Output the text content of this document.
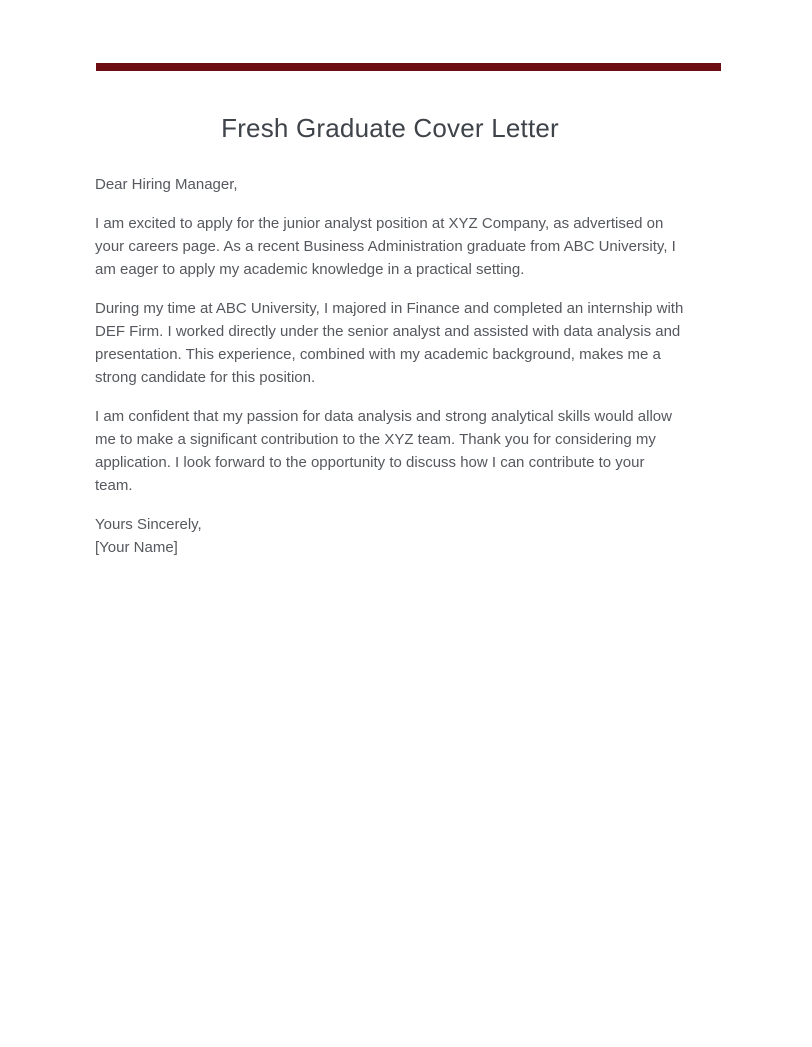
Fresh Graduate Cover Letter

Dear Hiring Manager,

I am excited to apply for the junior analyst position at XYZ Company, as advertised on your careers page. As a recent Business Administration graduate from ABC University, I am eager to apply my academic knowledge in a practical setting.

During my time at ABC University, I majored in Finance and completed an internship with DEF Firm. I worked directly under the senior analyst and assisted with data analysis and presentation. This experience, combined with my academic background, makes me a strong candidate for this position.

I am confident that my passion for data analysis and strong analytical skills would allow me to make a significant contribution to the XYZ team. Thank you for considering my application. I look forward to the opportunity to discuss how I can contribute to your team.

Yours Sincerely,
[Your Name]
